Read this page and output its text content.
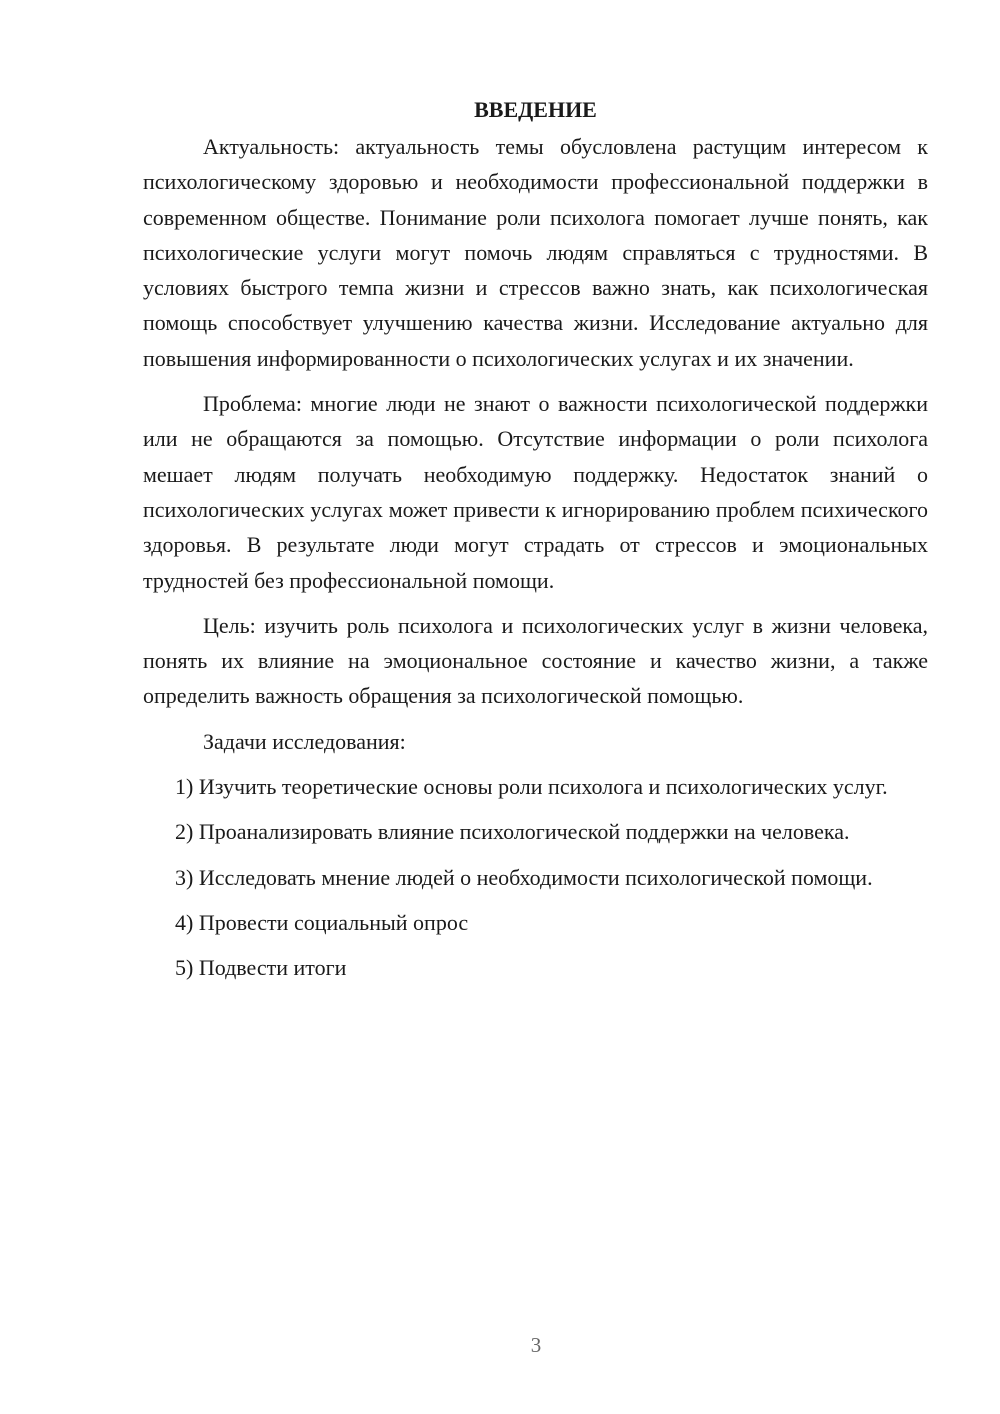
ВВЕДЕНИЕ

Актуальность: актуальность темы обусловлена растущим интересом к психологическому здоровью и необходимости профессиональной поддержки в современном обществе. Понимание роли психолога помогает лучше понять, как психологические услуги могут помочь людям справляться с трудностями. В условиях быстрого темпа жизни и стрессов важно знать, как психологическая помощь способствует улучшению качества жизни. Исследование актуально для повышения информированности о психологических услугах и их значении.

Проблема: многие люди не знают о важности психологической поддержки или не обращаются за помощью. Отсутствие информации о роли психолога мешает людям получать необходимую поддержку. Недостаток знаний о психологических услугах может привести к игнорированию проблем психического здоровья. В результате люди могут страдать от стрессов и эмоциональных трудностей без профессиональной помощи.

Цель: изучить роль психолога и психологических услуг в жизни человека, понять их влияние на эмоциональное состояние и качество жизни, а также определить важность обращения за психологической помощью.

Задачи исследования:

1) Изучить теоретические основы роли психолога и психологических услуг.

2) Проанализировать влияние психологической поддержки на человека.

3) Исследовать мнение людей о необходимости психологической помощи.

4) Провести социальный опрос

5) Подвести итоги

3
